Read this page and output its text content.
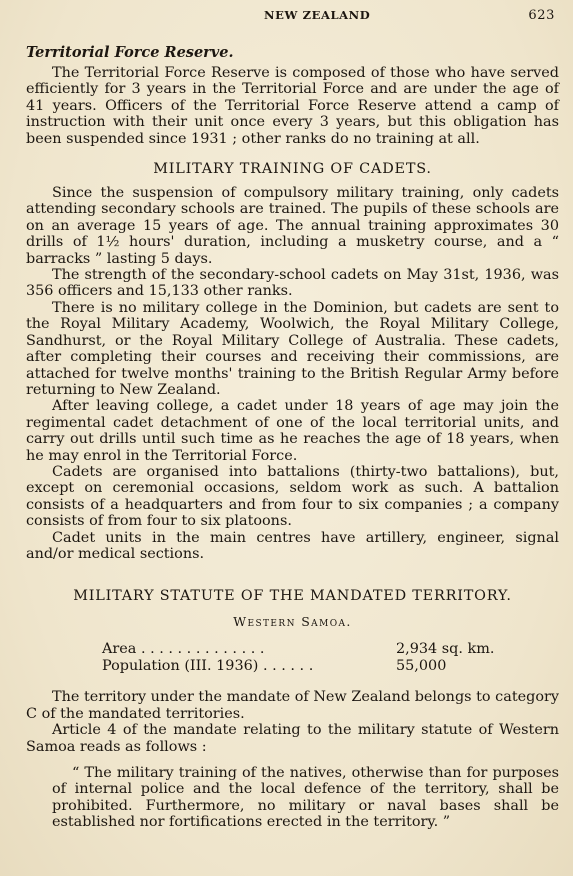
NEW ZEALAND	623
Territorial Force Reserve.

The Territorial Force Reserve is composed of those who have served efficiently for 3 years in the Territorial Force and are under the age of 41 years. Officers of the Territorial Force Reserve attend a camp of instruction with their unit once every 3 years, but this obligation has been suspended since 1931 ; other ranks do no training at all.

MILITARY TRAINING OF CADETS.

Since the suspension of compulsory military training, only cadets attending secondary schools are trained. The pupils of these schools are on an average 15 years of age. The annual training approximates 30 drills of 1½ hours' duration, including a musketry course, and a “ barracks ” lasting 5 days.

The strength of the secondary-school cadets on May 31st, 1936, was 356 officers and 15,133 other ranks.

There is no military college in the Dominion, but cadets are sent to the Royal Military Academy, Woolwich, the Royal Military College, Sandhurst, or the Royal Military College of Australia. These cadets, after completing their courses and receiving their commissions, are attached for twelve months' training to the British Regular Army before returning to New Zealand.

After leaving college, a cadet under 18 years of age may join the regimental cadet detachment of one of the local territorial units, and carry out drills until such time as he reaches the age of 18 years, when he may enrol in the Territorial Force.

Cadets are organised into battalions (thirty-two battalions), but, except on ceremonial occasions, seldom work as such. A battalion consists of a headquarters and from four to six companies ; a company consists of from four to six platoons.

Cadet units in the main centres have artillery, engineer, signal and/or medical sections.

MILITARY STATUTE OF THE MANDATED TERRITORY.
Western Samoa.
Area . . . . . . . . . . . . . .	2,934 sq. km.
Population (III. 1936) . . . . . .	55,000

The territory under the mandate of New Zealand belongs to category C of the mandated territories.

Article 4 of the mandate relating to the military statute of Western Samoa reads as follows :

“ The military training of the natives, otherwise than for purposes of internal police and the local defence of the territory, shall be prohibited. Furthermore, no military or naval bases shall be established nor fortifications erected in the territory. ”
